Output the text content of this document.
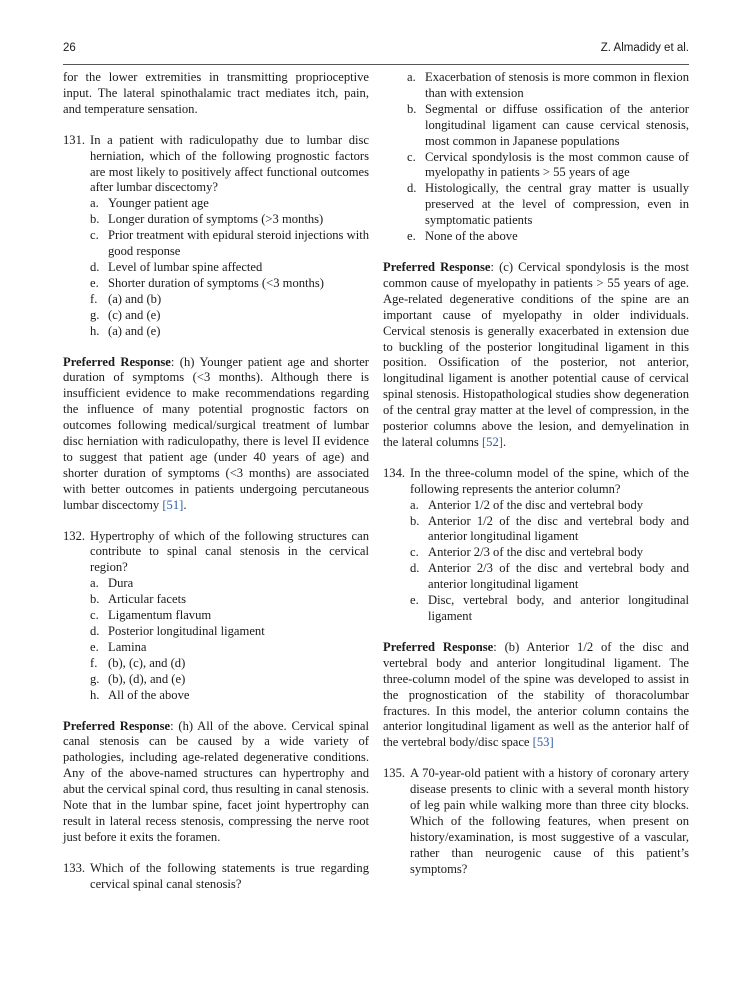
26	Z. Almadidy et al.

for the lower extremities in transmitting proprioceptive input. The lateral spinothalamic tract mediates itch, pain, and temperature sensation.

131. In a patient with radiculopathy due to lumbar disc herniation, which of the following prognostic factors are most likely to positively affect functional outcomes after lumbar discectomy?
a. Younger patient age
b. Longer duration of symptoms (>3 months)
c. Prior treatment with epidural steroid injections with good response
d. Level of lumbar spine affected
e. Shorter duration of symptoms (<3 months)
f. (a) and (b)
g. (c) and (e)
h. (a) and (e)

Preferred Response: (h) Younger patient age and shorter duration of symptoms (<3 months). Although there is insufficient evidence to make recommendations regarding the influence of many potential prognostic factors on outcomes following medical/surgical treatment of lumbar disc herniation with radiculopathy, there is level II evidence to suggest that patient age (under 40 years of age) and shorter duration of symptoms (<3 months) are associated with better outcomes in patients undergoing percutaneous lumbar discectomy [51].

132. Hypertrophy of which of the following structures can contribute to spinal canal stenosis in the cervical region?
a. Dura
b. Articular facets
c. Ligamentum flavum
d. Posterior longitudinal ligament
e. Lamina
f. (b), (c), and (d)
g. (b), (d), and (e)
h. All of the above

Preferred Response: (h) All of the above. Cervical spinal canal stenosis can be caused by a wide variety of pathologies, including age-related degenerative conditions. Any of the above-named structures can hypertrophy and abut the cervical spinal cord, thus resulting in canal stenosis. Note that in the lumbar spine, facet joint hypertrophy can result in lateral recess stenosis, compressing the nerve root just before it exits the foramen.

133. Which of the following statements is true regarding cervical spinal canal stenosis?
a. Exacerbation of stenosis is more common in flexion than with extension
b. Segmental or diffuse ossification of the anterior longitudinal ligament can cause cervical stenosis, most common in Japanese populations
c. Cervical spondylosis is the most common cause of myelopathy in patients > 55 years of age
d. Histologically, the central gray matter is usually preserved at the level of compression, even in symptomatic patients
e. None of the above

Preferred Response: (c) Cervical spondylosis is the most common cause of myelopathy in patients > 55 years of age. Age-related degenerative conditions of the spine are an important cause of myelopathy in older individuals. Cervical stenosis is generally exacerbated in extension due to buckling of the posterior longitudinal ligament in this position. Ossification of the posterior, not anterior, longitudinal ligament is another potential cause of cervical spinal stenosis. Histopathological studies show degeneration of the central gray matter at the level of compression, in the posterior columns above the lesion, and demyelination in the lateral columns [52].

134. In the three-column model of the spine, which of the following represents the anterior column?
a. Anterior 1/2 of the disc and vertebral body
b. Anterior 1/2 of the disc and vertebral body and anterior longitudinal ligament
c. Anterior 2/3 of the disc and vertebral body
d. Anterior 2/3 of the disc and vertebral body and anterior longitudinal ligament
e. Disc, vertebral body, and anterior longitudinal ligament

Preferred Response: (b) Anterior 1/2 of the disc and vertebral body and anterior longitudinal ligament. The three-column model of the spine was developed to assist in the prognostication of the stability of thoracolumbar fractures. In this model, the anterior column contains the anterior longitudinal ligament as well as the anterior half of the vertebral body/disc space [53]

135. A 70-year-old patient with a history of coronary artery disease presents to clinic with a several month history of leg pain while walking more than three city blocks. Which of the following features, when present on history/examination, is most suggestive of a vascular, rather than neurogenic cause of this patient’s symptoms?
